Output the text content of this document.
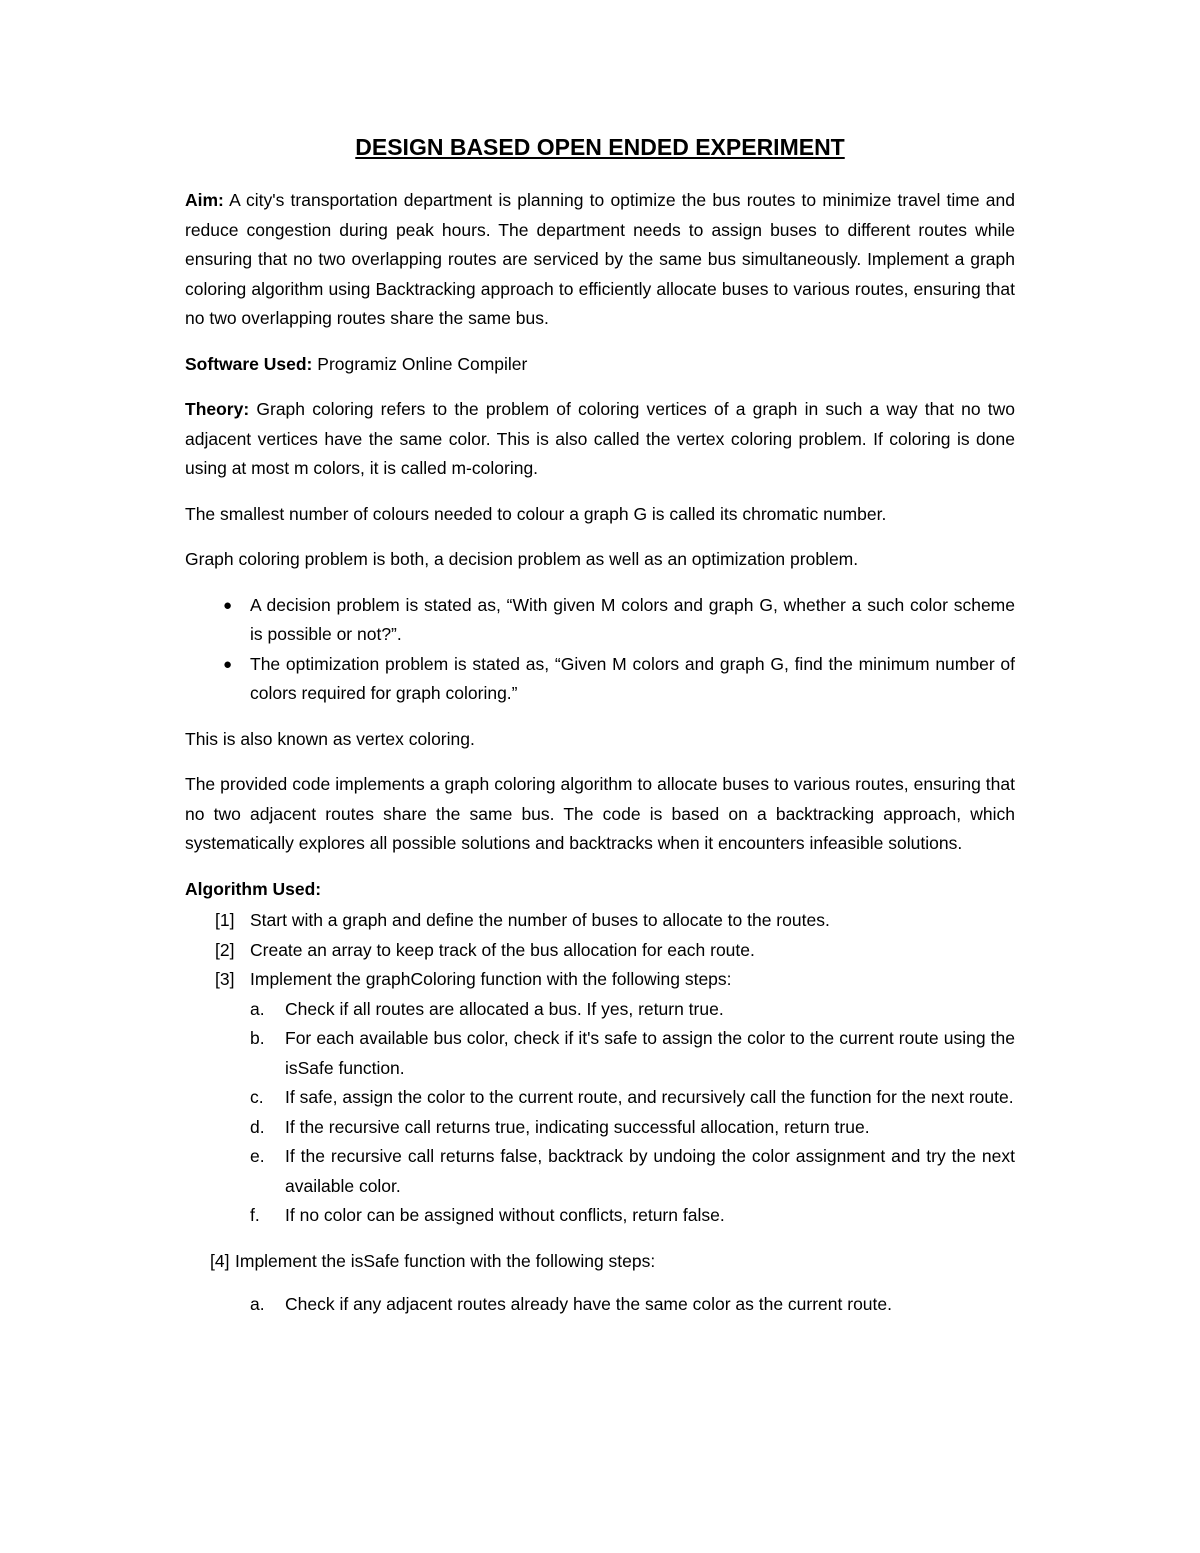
DESIGN BASED OPEN ENDED EXPERIMENT

Aim: A city's transportation department is planning to optimize the bus routes to minimize travel time and reduce congestion during peak hours. The department needs to assign buses to different routes while ensuring that no two overlapping routes are serviced by the same bus simultaneously. Implement a graph coloring algorithm using Backtracking approach to efficiently allocate buses to various routes, ensuring that no two overlapping routes share the same bus.

Software Used: Programiz Online Compiler

Theory: Graph coloring refers to the problem of coloring vertices of a graph in such a way that no two adjacent vertices have the same color. This is also called the vertex coloring problem. If coloring is done using at most m colors, it is called m-coloring.

The smallest number of colours needed to colour a graph G is called its chromatic number.

Graph coloring problem is both, a decision problem as well as an optimization problem.

● A decision problem is stated as, “With given M colors and graph G, whether a such color scheme is possible or not?”.
● The optimization problem is stated as, “Given M colors and graph G, find the minimum number of colors required for graph coloring.”

This is also known as vertex coloring.

The provided code implements a graph coloring algorithm to allocate buses to various routes, ensuring that no two adjacent routes share the same bus. The code is based on a backtracking approach, which systematically explores all possible solutions and backtracks when it encounters infeasible solutions.

Algorithm Used:
[1] Start with a graph and define the number of buses to allocate to the routes.
[2] Create an array to keep track of the bus allocation for each route.
[3] Implement the graphColoring function with the following steps:
a. Check if all routes are allocated a bus. If yes, return true.
b. For each available bus color, check if it's safe to assign the color to the current route using the isSafe function.
c. If safe, assign the color to the current route, and recursively call the function for the next route.
d. If the recursive call returns true, indicating successful allocation, return true.
e. If the recursive call returns false, backtrack by undoing the color assignment and try the next available color.
f. If no color can be assigned without conflicts, return false.
[4] Implement the isSafe function with the following steps:
a. Check if any adjacent routes already have the same color as the current route.
